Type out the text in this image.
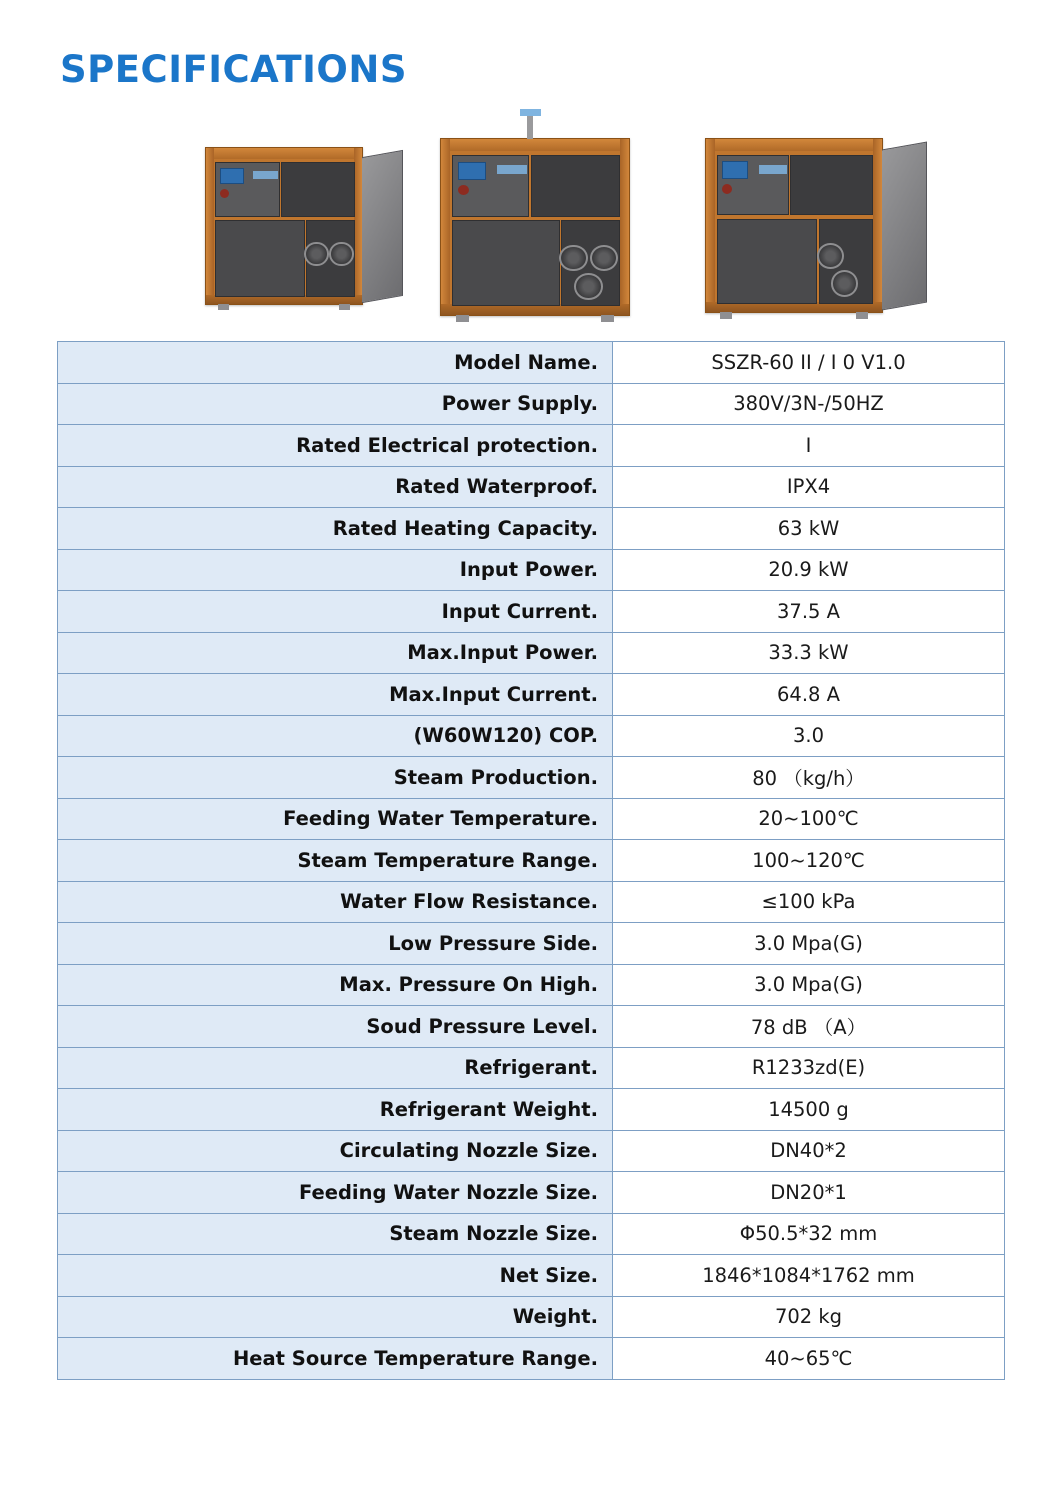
SPECIFICATIONS
Model Name.	SSZR-60 II / I 0 V1.0
Power Supply.	380V/3N-/50HZ
Rated Electrical protection.	I
Rated Waterproof.	IPX4
Rated Heating Capacity.	63 kW
Input Power.	20.9 kW
Input Current.	37.5 A
Max.Input Power.	33.3 kW
Max.Input Current.	64.8 A
(W60W120) COP.	3.0
Steam Production.	80 （kg/h）
Feeding Water Temperature.	20~100℃
Steam Temperature Range.	100~120℃
Water Flow Resistance.	≤100 kPa
Low Pressure Side.	3.0 Mpa(G)
Max. Pressure On High.	3.0 Mpa(G)
Soud Pressure Level.	78 dB （A）
Refrigerant.	R1233zd(E)
Refrigerant Weight.	14500 g
Circulating Nozzle Size.	DN40*2
Feeding Water Nozzle Size.	DN20*1
Steam Nozzle Size.	Φ50.5*32 mm
Net Size.	1846*1084*1762 mm
Weight.	702 kg
Heat Source Temperature Range.	40~65℃
